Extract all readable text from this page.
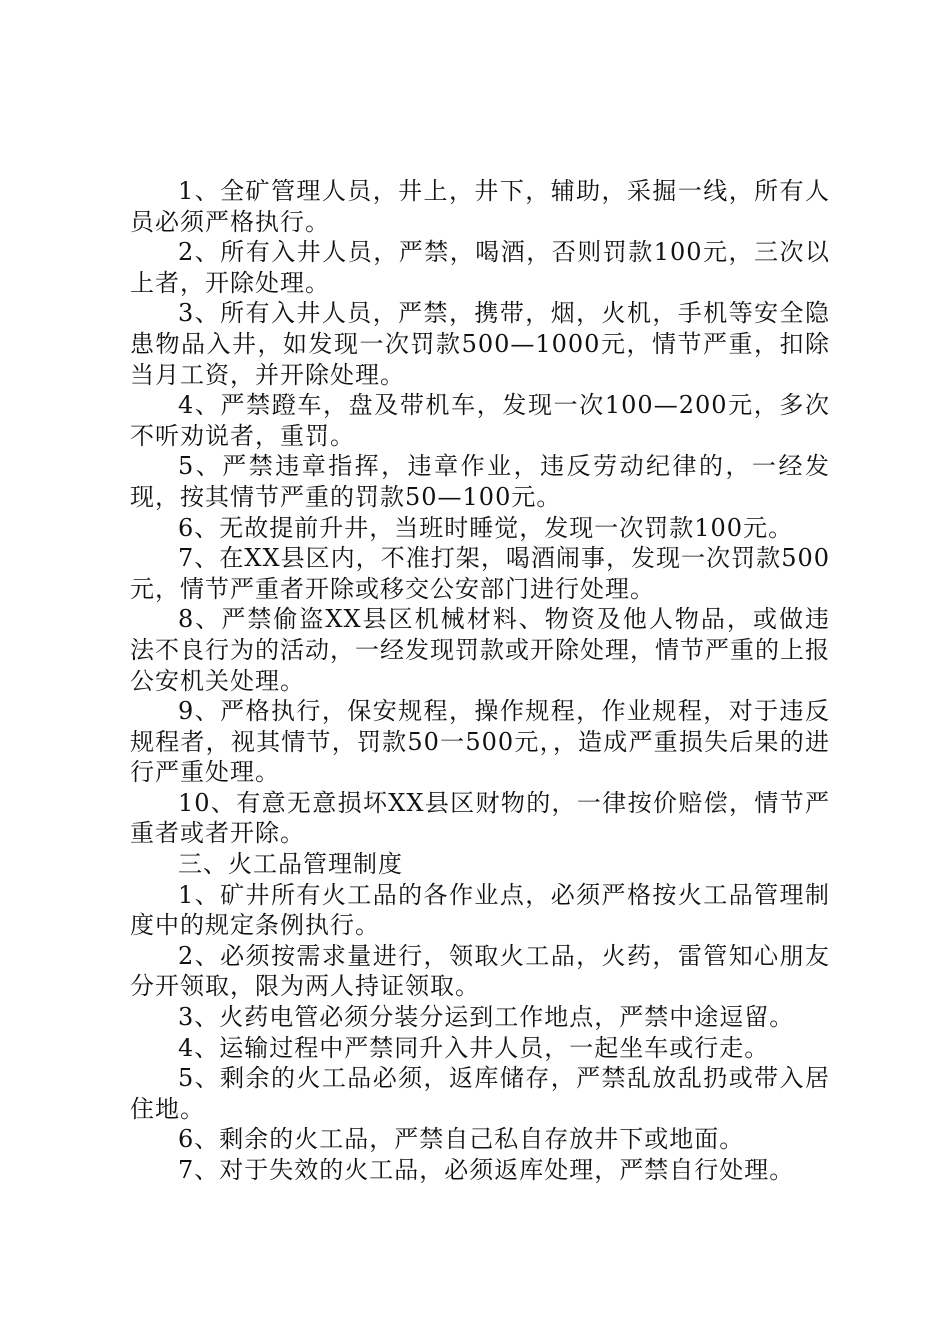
1、全矿管理人员，井上，井下，辅助，采掘一线，所有人员必须严格执行。

2、所有入井人员，严禁，喝酒，否则罚款100元，三次以上者，开除处理。

3、所有入井人员，严禁，携带，烟，火机，手机等安全隐患物品入井，如发现一次罚款500—1000元，情节严重，扣除当月工资，并开除处理。

4、严禁蹬车，盘及带机车，发现一次100—200元，多次不听劝说者，重罚。

5、严禁违章指挥，违章作业，违反劳动纪律的，一经发现，按其情节严重的罚款50—100元。

6、无故提前升井，当班时睡觉，发现一次罚款100元。

7、在XX县区内，不准打架，喝酒闹事，发现一次罚款500元，情节严重者开除或移交公安部门进行处理。

8、严禁偷盗XX县区机械材料、物资及他人物品，或做违法不良行为的活动，一经发现罚款或开除处理，情节严重的上报公安机关处理。

9、严格执行，保安规程，操作规程，作业规程，对于违反规程者，视其情节，罚款50一500元，，造成严重损失后果的进行严重处理。

10、有意无意损坏XX县区财物的，一律按价赔偿，情节严重者或者开除。

三、火工品管理制度

1、矿井所有火工品的各作业点，必须严格按火工品管理制度中的规定条例执行。

2、必须按需求量进行，领取火工品，火药，雷管知心朋友分开领取，限为两人持证领取。

3、火药电管必须分装分运到工作地点，严禁中途逗留。

4、运输过程中严禁同升入井人员，一起坐车或行走。

5、剩余的火工品必须，返库储存，严禁乱放乱扔或带入居住地。

6、剩余的火工品，严禁自己私自存放井下或地面。

7、对于失效的火工品，必须返库处理，严禁自行处理。
